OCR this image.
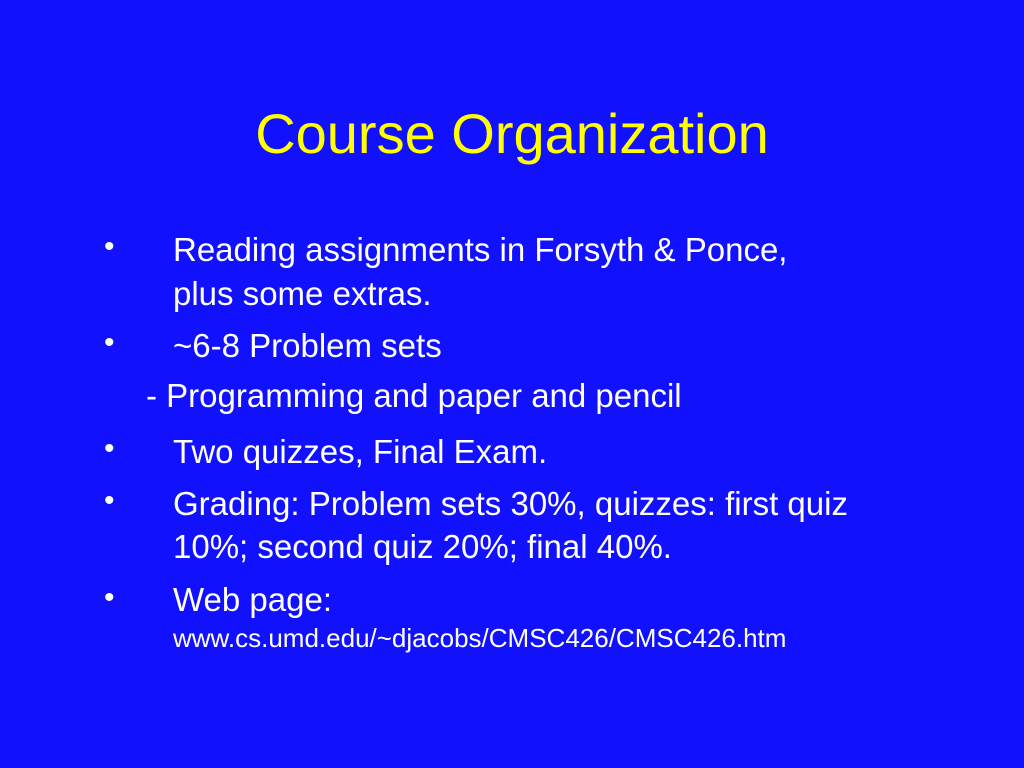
Course Organization
• Reading assignments in Forsyth & Ponce,
plus some extras.
• ~6-8 Problem sets
- Programming and paper and pencil
• Two quizzes, Final Exam.
• Grading: Problem sets 30%, quizzes: first quiz
10%; second quiz 20%; final 40%.
• Web page:
www.cs.umd.edu/~djacobs/CMSC426/CMSC426.htm
